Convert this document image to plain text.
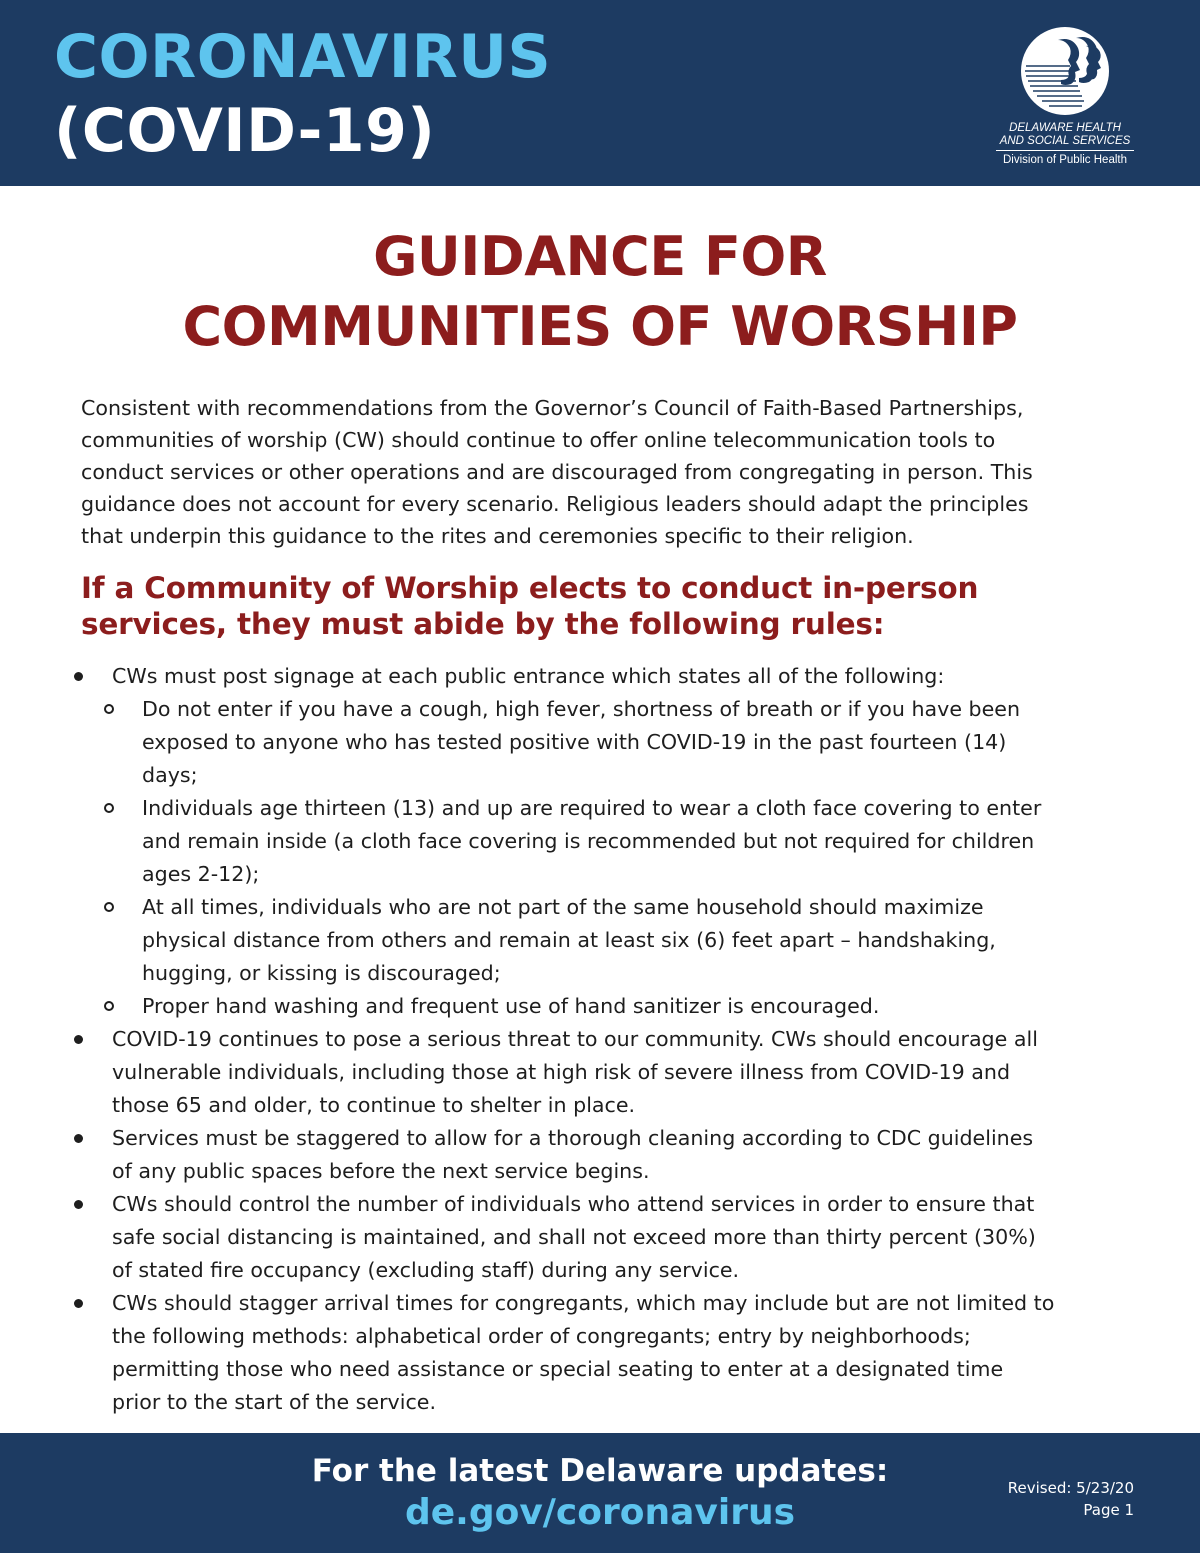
CORONAVIRUS
(COVID-19)	DELAWARE HEALTH
AND SOCIAL SERVICES
Division of Public Health
GUIDANCE FOR
COMMUNITIES OF WORSHIP
Consistent with recommendations from the Governor’s Council of Faith-Based Partnerships,
communities of worship (CW) should continue to offer online telecommunication tools to
conduct services or other operations and are discouraged from congregating in person. This
guidance does not account for every scenario. Religious leaders should adapt the principles
that underpin this guidance to the rites and ceremonies specific to their religion.
If a Community of Worship elects to conduct in-person
services, they must abide by the following rules:
CWs must post signage at each public entrance which states all of the following:
Do not enter if you have a cough, high fever, shortness of breath or if you have been
exposed to anyone who has tested positive with COVID-19 in the past fourteen (14)
days;
Individuals age thirteen (13) and up are required to wear a cloth face covering to enter
and remain inside (a cloth face covering is recommended but not required for children
ages 2-12);
At all times, individuals who are not part of the same household should maximize
physical distance from others and remain at least six (6) feet apart – handshaking,
hugging, or kissing is discouraged;
Proper hand washing and frequent use of hand sanitizer is encouraged.
COVID-19 continues to pose a serious threat to our community. CWs should encourage all
vulnerable individuals, including those at high risk of severe illness from COVID-19 and
those 65 and older, to continue to shelter in place.
Services must be staggered to allow for a thorough cleaning according to CDC guidelines
of any public spaces before the next service begins.
CWs should control the number of individuals who attend services in order to ensure that
safe social distancing is maintained, and shall not exceed more than thirty percent (30%)
of stated fire occupancy (excluding staff) during any service.
CWs should stagger arrival times for congregants, which may include but are not limited to
the following methods: alphabetical order of congregants; entry by neighborhoods;
permitting those who need assistance or special seating to enter at a designated time
prior to the start of the service.
For the latest Delaware updates:
de.gov/coronavirus
Revised: 5/23/20
Page 1
